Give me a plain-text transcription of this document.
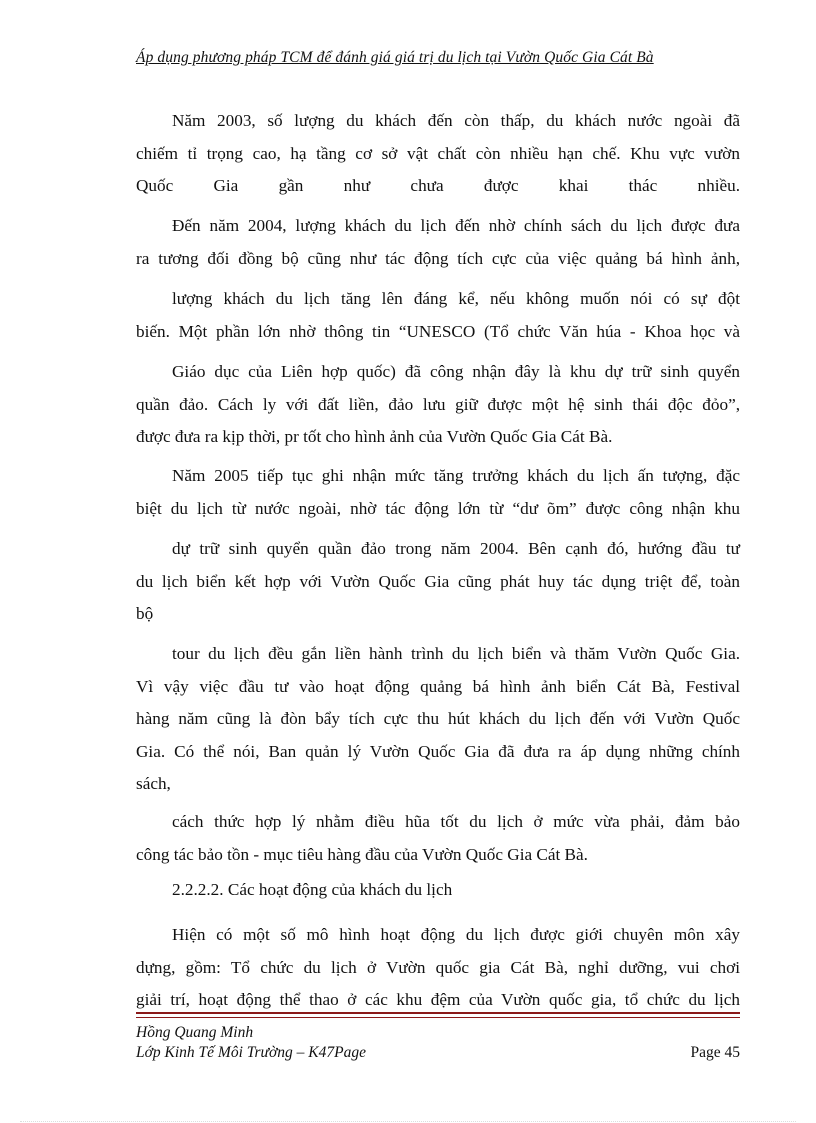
Áp dụng phương pháp TCM để đánh giá giá trị du lịch tại Vườn Quốc Gia Cát Bà
Năm 2003, số lượng du khách đến còn thấp, du khách nước ngoài đã
chiếm tỉ trọng cao, hạ tầng cơ sở vật chất còn nhiều hạn chế. Khu vực vườn
Quốc Gia gần như chưa được khai thác nhiều.
Đến năm 2004, lượng khách du lịch đến nhờ chính sách du lịch được đưa
ra tương đối đồng bộ cũng như tác động tích cực của việc quảng bá hình ảnh,
lượng khách du lịch tăng lên đáng kể, nếu không muốn nói có sự đột
biến. Một phần lớn nhờ thông tin “UNESCO (Tổ chức Văn húa - Khoa học và
Giáo dục của Liên hợp quốc) đã công nhận đây là khu dự trữ sinh quyển
quần đảo. Cách ly với đất liền, đảo lưu giữ được một hệ sinh thái độc đỏo”,
được đưa ra kịp thời, pr tốt cho hình ảnh của Vườn Quốc Gia Cát Bà.
Năm 2005 tiếp tục ghi nhận mức tăng trưởng khách du lịch ấn tượng, đặc
biệt du lịch từ nước ngoài, nhờ tác động lớn từ “dư õm” được công nhận khu
dự trữ sinh quyển quần đảo trong năm 2004. Bên cạnh đó, hướng đầu tư
du lịch biển kết hợp với Vườn Quốc Gia cũng phát huy tác dụng triệt để, toàn
bộ
tour du lịch đều gắn liền hành trình du lịch biển và thăm Vườn Quốc Gia.
Vì vậy việc đầu tư vào hoạt động quảng bá hình ảnh biển Cát Bà, Festival
hàng năm cũng là đòn bẩy tích cực thu hút khách du lịch đến với Vườn Quốc
Gia. Có thể nói, Ban quản lý Vườn Quốc Gia đã đưa ra áp dụng những chính
sách,
cách thức hợp lý nhằm điều hũa tốt du lịch ở mức vừa phải, đảm bảo
công tác bảo tồn - mục tiêu hàng đầu của Vườn Quốc Gia Cát Bà.
2.2.2.2. Các hoạt động của khách du lịch
Hiện có một số mô hình hoạt động du lịch được giới chuyên môn xây
dựng, gồm: Tổ chức du lịch ở Vườn quốc gia Cát Bà, nghỉ dưỡng, vui chơi
giải trí, hoạt động thể thao ở các khu đệm của Vườn quốc gia, tổ chức du lịch
Hồng Quang Minh
Lớp Kinh Tế Môi Trường – K47Page	Page 45
